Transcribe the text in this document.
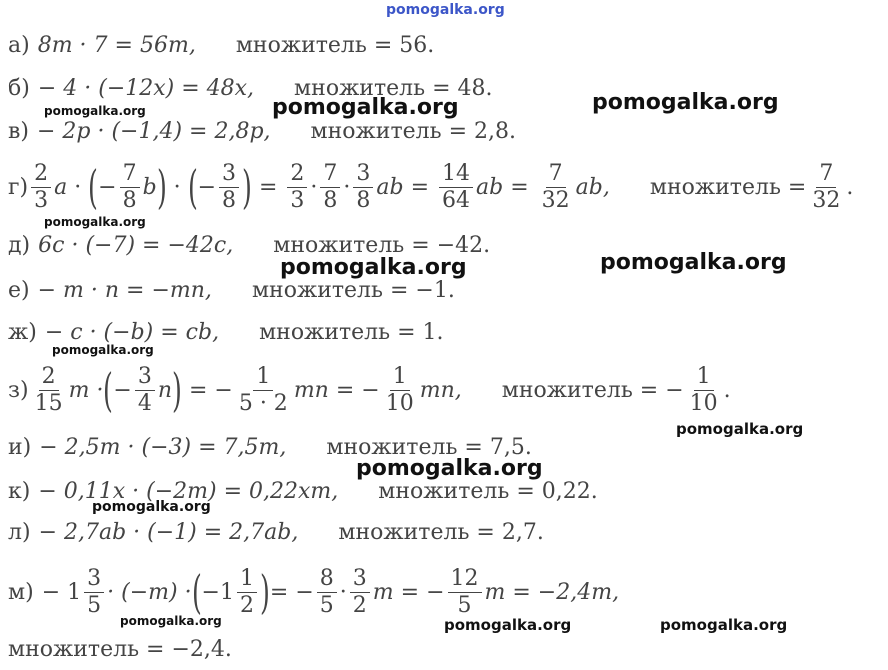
pomogalka.org
pomogalka.org	pomogalka.org
pomogalka.org
pomogalka.org
pomogalka.org	pomogalka.org
pomogalka.org
pomogalka.org
pomogalka.org
pomogalka.org
pomogalka.org	pomogalka.org	pomogalka.org
а) 8m · 7 = 56m, множитель = 56.
б) − 4 · (−12x) = 48x, множитель = 48.
в) − 2p · (−1,4) = 2,8p, множитель = 2,8.
$г) \frac{2}{3}$ a · ( − $\frac{7}{8}$ b ) · ( − $\frac{3}{8}$ ) = $\frac{2}{3} \cdot \frac{7}{8} \cdot \frac{3}{8}$ ab = $\frac{14}{64}$ ab = $\frac{7}{32}$ ab, множитель = $\frac{7}{32}$ .
д) 6c · (−7) = −42c, множитель = −42.
е) − m · n = −mn, множитель = −1.
ж) − c · (−b) = cb, множитель = 1.
$з) \frac{2}{15}$ m · ( − $\frac{3}{4}$ n ) = − $\frac{1}{5 \cdot 2}$ mn = − $\frac{1}{10}$ mn, множитель = − $\frac{1}{10}$ .
и) − 2,5m · (−3) = 7,5m, множитель = 7,5.
к) − 0,11x · (−2m) = 0,22xm, множитель = 0,22.
л) − 2,7ab · (−1) = 2,7ab, множитель = 2,7.
$м) - 1 \frac{3}{5} \cdot (-m)$ · ( $-1 \frac{1}{2}$ ) = − $\frac{8}{5} \cdot \frac{3}{2}$ m = − $\frac{12}{5}$ m = −2,4m,
множитель = −2,4.
